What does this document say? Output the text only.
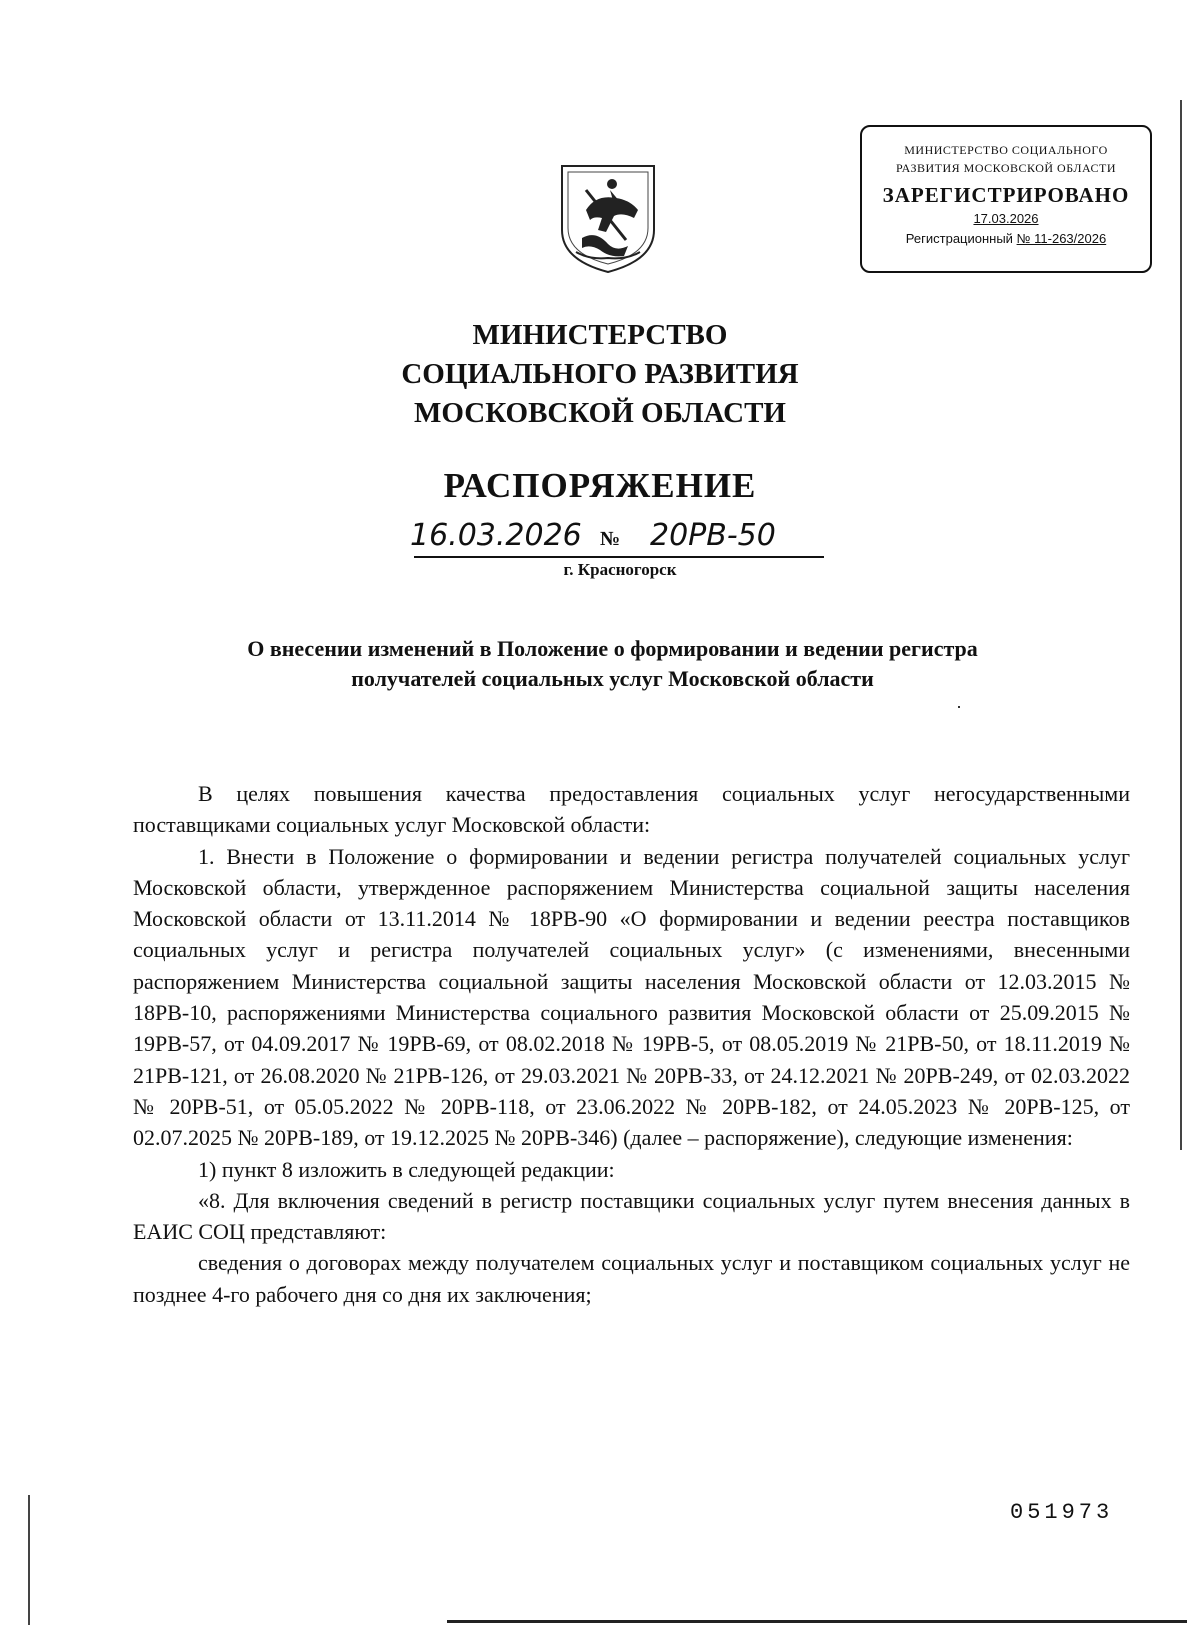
МИНИСТЕРСТВО СОЦИАЛЬНОГО
РАЗВИТИЯ МОСКОВСКОЙ ОБЛАСТИ
ЗАРЕГИСТРИРОВАНО
17.03.2026
Регистрационный № 11-263/2026
МИНИСТЕРСТВО
СОЦИАЛЬНОГО РАЗВИТИЯ
МОСКОВСКОЙ ОБЛАСТИ
РАСПОРЯЖЕНИЕ
16.03.2026 № 20РВ-50
г. Красногорск
О внесении изменений в Положение о формировании и ведении регистра
получателей социальных услуг Московской области

В целях повышения качества предоставления социальных услуг негосударственными поставщиками социальных услуг Московской области:

1. Внести в Положение о формировании и ведении регистра получателей социальных услуг Московской области, утвержденное распоряжением Министерства социальной защиты населения Московской области от 13.11.2014 № 18РВ-90 «О формировании и ведении реестра поставщиков социальных услуг и регистра получателей социальных услуг» (с изменениями, внесенными распоряжением Министерства социальной защиты населения Московской области от 12.03.2015 № 18РВ-10, распоряжениями Министерства социального развития Московской области от 25.09.2015 № 19РВ-57, от 04.09.2017 № 19РВ-69, от 08.02.2018 № 19РВ-5, от 08.05.2019 № 21РВ-50, от 18.11.2019 № 21РВ-121, от 26.08.2020 № 21РВ-126, от 29.03.2021 № 20РВ-33, от 24.12.2021 № 20РВ-249, от 02.03.2022 № 20РВ-51, от 05.05.2022 № 20РВ-118, от 23.06.2022 № 20РВ-182, от 24.05.2023 № 20РВ-125, от 02.07.2025 № 20РВ-189, от 19.12.2025 № 20РВ-346) (далее – распоряжение), следующие изменения:

1) пункт 8 изложить в следующей редакции:

«8. Для включения сведений в регистр поставщики социальных услуг путем внесения данных в ЕАИС СОЦ представляют:

сведения о договорах между получателем социальных услуг и поставщиком социальных услуг не позднее 4-го рабочего дня со дня их заключения;

051973
